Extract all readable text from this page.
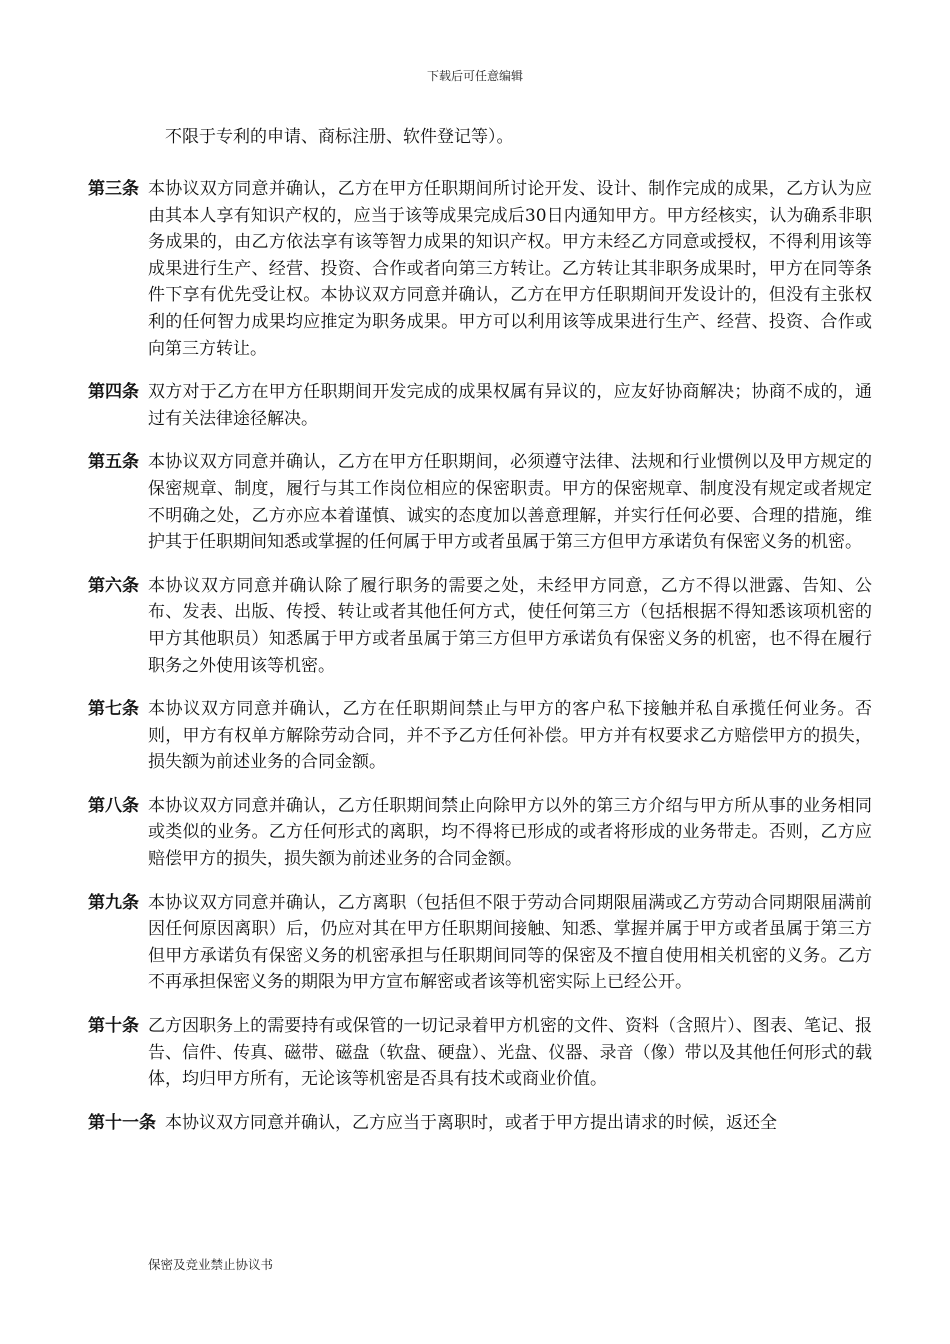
下载后可任意编辑
不限于专利的申请、商标注册、软件登记等）。
第三条 本协议双方同意并确认，乙方在甲方任职期间所讨论开发、设计、制作完成的成果，乙方认为应由其本人享有知识产权的，应当于该等成果完成后30日内通知甲方。甲方经核实，认为确系非职务成果的，由乙方依法享有该等智力成果的知识产权。甲方未经乙方同意或授权，不得利用该等成果进行生产、经营、投资、合作或者向第三方转让。乙方转让其非职务成果时，甲方在同等条件下享有优先受让权。本协议双方同意并确认，乙方在甲方任职期间开发设计的，但没有主张权利的任何智力成果均应推定为职务成果。甲方可以利用该等成果进行生产、经营、投资、合作或向第三方转让。
第四条 双方对于乙方在甲方任职期间开发完成的成果权属有异议的，应友好协商解决；协商不成的，通过有关法律途径解决。
第五条 本协议双方同意并确认，乙方在甲方任职期间，必须遵守法律、法规和行业惯例以及甲方规定的保密规章、制度，履行与其工作岗位相应的保密职责。甲方的保密规章、制度没有规定或者规定不明确之处，乙方亦应本着谨慎、诚实的态度加以善意理解，并实行任何必要、合理的措施，维护其于任职期间知悉或掌握的任何属于甲方或者虽属于第三方但甲方承诺负有保密义务的机密。
第六条 本协议双方同意并确认除了履行职务的需要之处，未经甲方同意，乙方不得以泄露、告知、公布、发表、出版、传授、转让或者其他任何方式，使任何第三方（包括根据不得知悉该项机密的甲方其他职员）知悉属于甲方或者虽属于第三方但甲方承诺负有保密义务的机密，也不得在履行职务之外使用该等机密。
第七条 本协议双方同意并确认，乙方在任职期间禁止与甲方的客户私下接触并私自承揽任何业务。否则，甲方有权单方解除劳动合同，并不予乙方任何补偿。甲方并有权要求乙方赔偿甲方的损失，损失额为前述业务的合同金额。
第八条 本协议双方同意并确认，乙方任职期间禁止向除甲方以外的第三方介绍与甲方所从事的业务相同或类似的业务。乙方任何形式的离职，均不得将已形成的或者将形成的业务带走。否则，乙方应赔偿甲方的损失，损失额为前述业务的合同金额。
第九条 本协议双方同意并确认，乙方离职（包括但不限于劳动合同期限届满或乙方劳动合同期限届满前因任何原因离职）后，仍应对其在甲方任职期间接触、知悉、掌握并属于甲方或者虽属于第三方但甲方承诺负有保密义务的机密承担与任职期间同等的保密及不擅自使用相关机密的义务。乙方不再承担保密义务的期限为甲方宣布解密或者该等机密实际上已经公开。
第十条 乙方因职务上的需要持有或保管的一切记录着甲方机密的文件、资料（含照片）、图表、笔记、报告、信件、传真、磁带、磁盘（软盘、硬盘）、光盘、仪器、录音（像）带以及其他任何形式的载体，均归甲方所有，无论该等机密是否具有技术或商业价值。
第十一条 本协议双方同意并确认，乙方应当于离职时，或者于甲方提出请求的时候，返还全
保密及竞业禁止协议书
